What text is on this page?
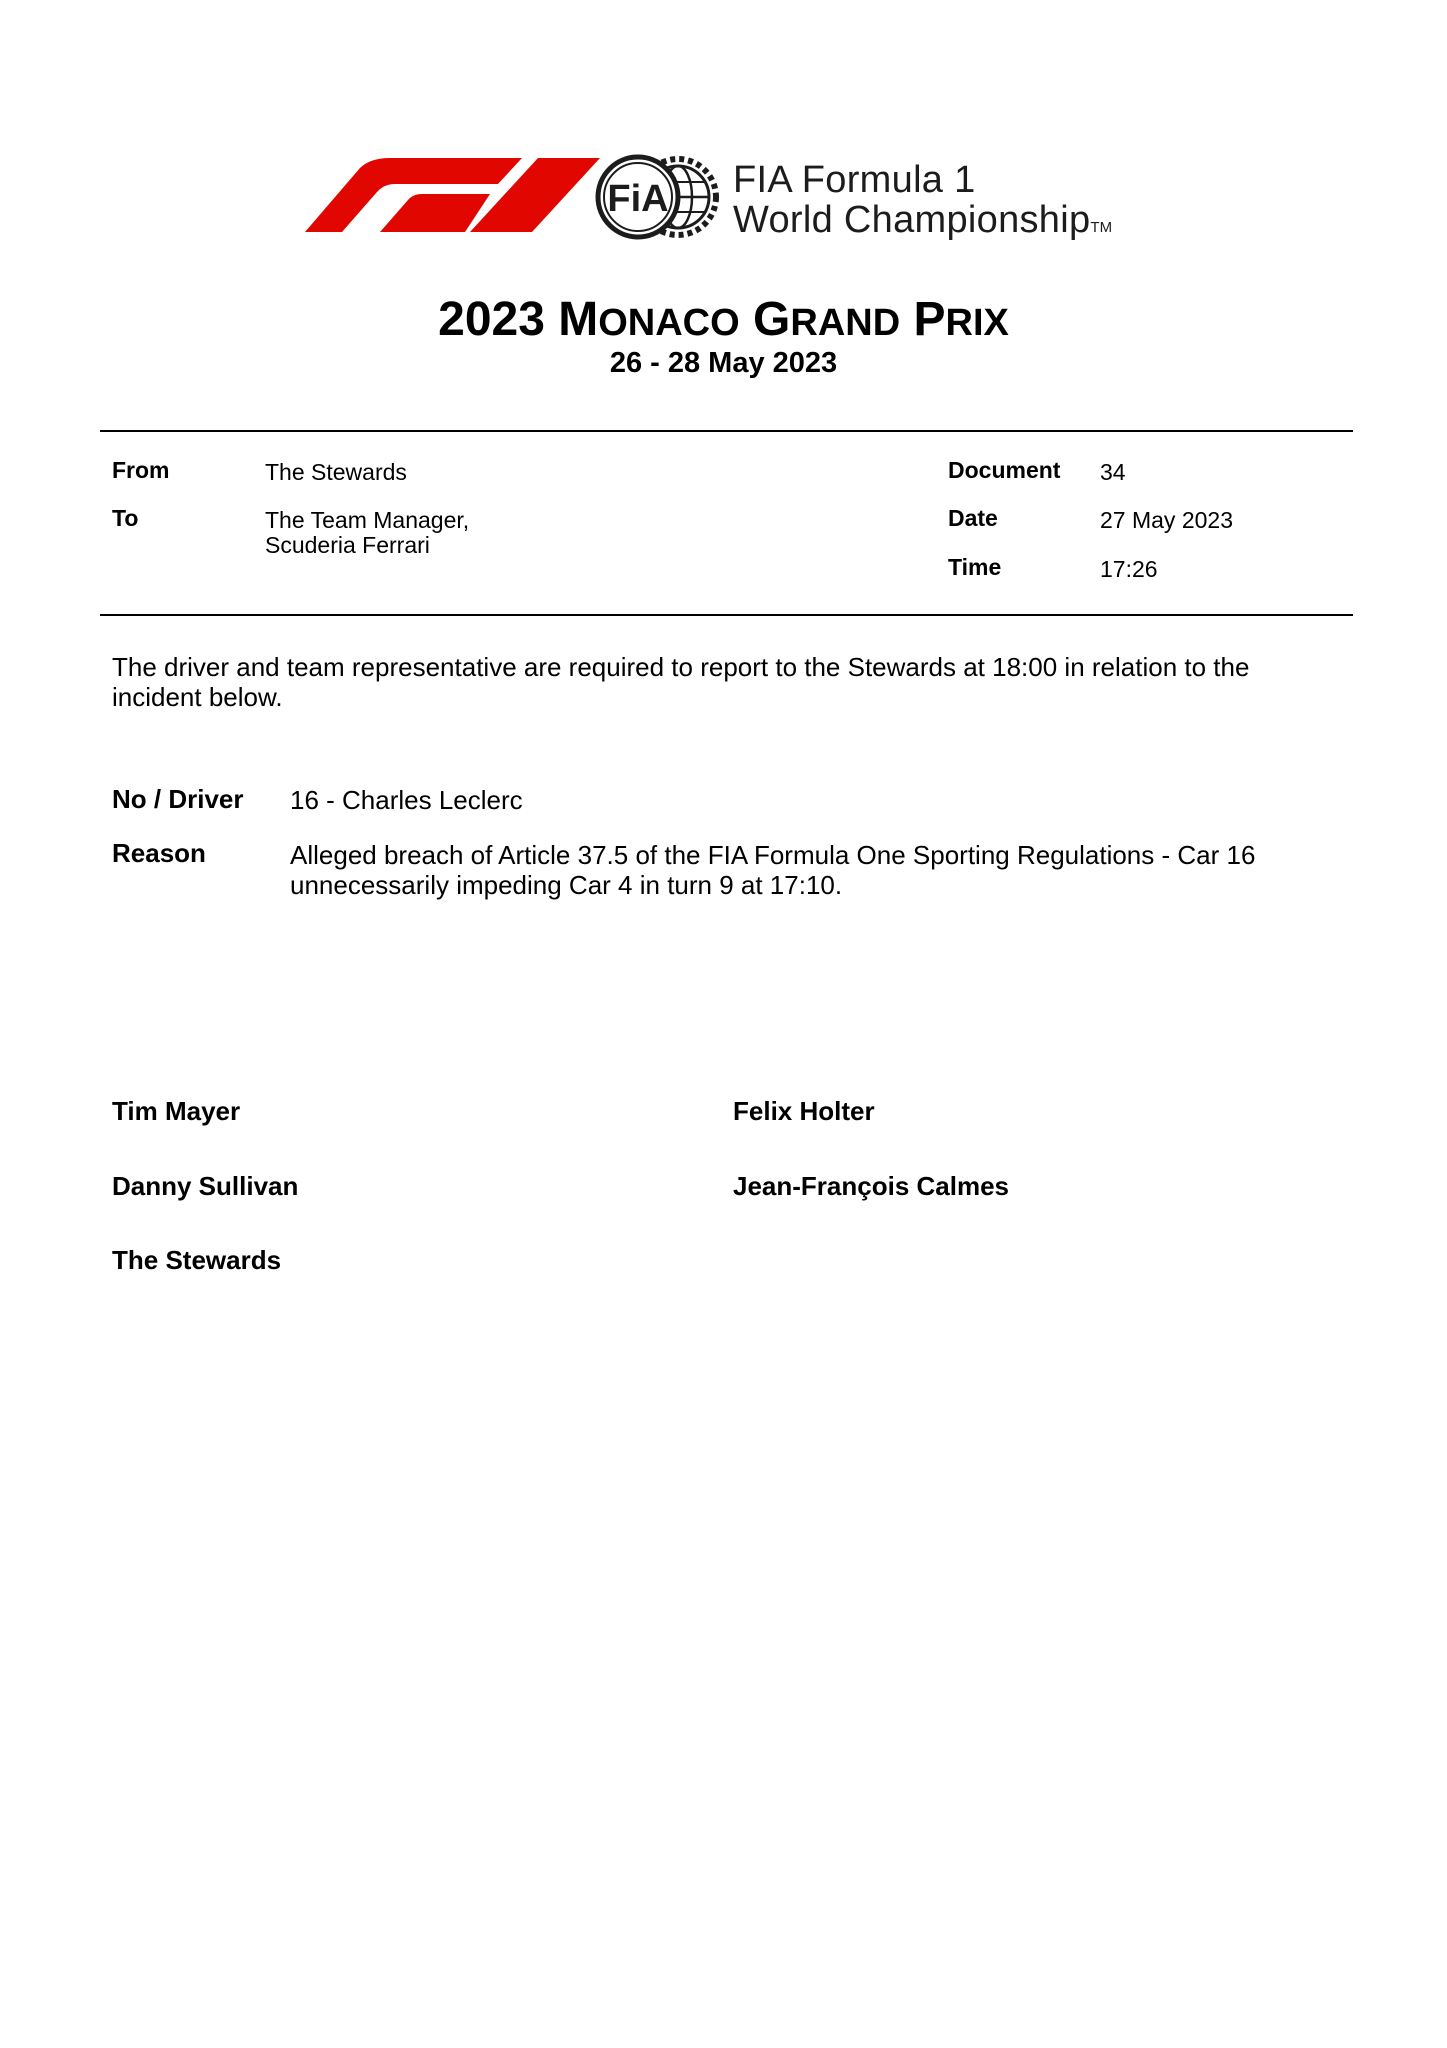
FiA FIA Formula 1
World ChampionshipTM
2023 MONACO GRAND PRIX
26 - 28 May 2023
From	The Stewards
To	The Team Manager,
Scuderia Ferrari
Document 34
Date	27 May 2023
Time	17:26
The driver and team representative are required to report to the Stewards at 18:00 in relation to the
incident below.
No / Driver 16 - Charles Leclerc
Reason	Alleged breach of Article 37.5 of the FIA Formula One Sporting Regulations - Car 16
unnecessarily impeding Car 4 in turn 9 at 17:10.
Tim Mayer	Felix Holter
Danny Sullivan	Jean-François Calmes
The Stewards
